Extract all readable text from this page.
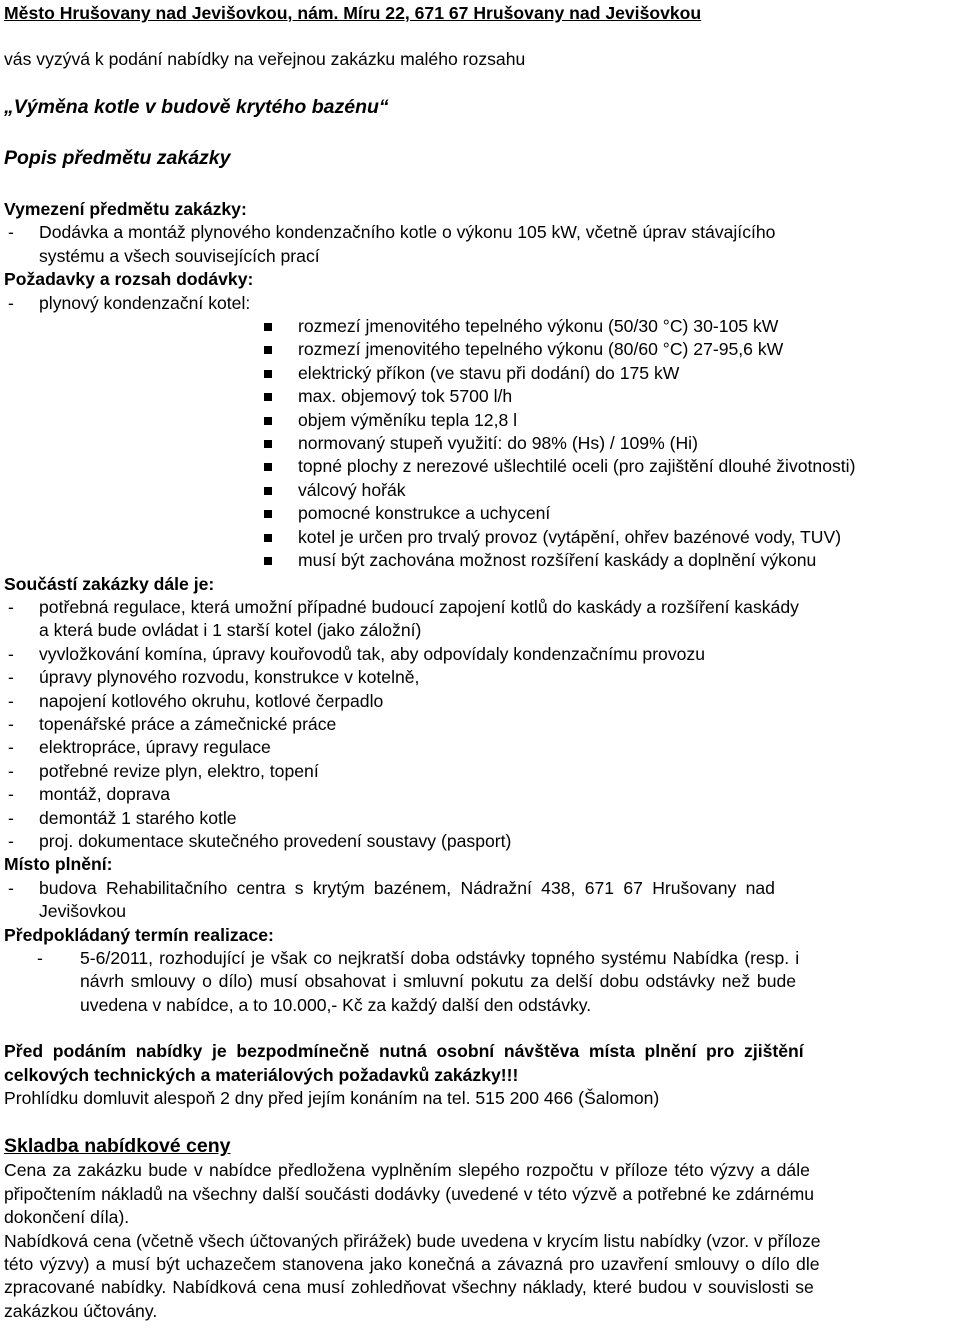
Město Hrušovany nad Jevišovkou, nám. Míru 22, 671 67 Hrušovany nad Jevišovkou
vás vyzývá k podání nabídky na veřejnou zakázku malého rozsahu
„Výměna kotle v budově krytého bazénu“
Popis předmětu zakázky
Vymezení předmětu zakázky:
-	Dodávka a montáž plynového kondenzačního kotle o výkonu 105 kW, včetně úprav stávajícího
systému a všech souvisejících prací
Požadavky a rozsah dodávky:
-	plynový kondenzační kotel:
rozmezí jmenovitého tepelného výkonu (50/30 °C) 30-105 kW
rozmezí jmenovitého tepelného výkonu (80/60 °C) 27-95,6 kW
elektrický příkon (ve stavu při dodání) do 175 kW
max. objemový tok 5700 l/h
objem výměníku tepla 12,8 l
normovaný stupeň využití: do 98% (Hs) / 109% (Hi)
topné plochy z nerezové ušlechtilé oceli (pro zajištění dlouhé životnosti)
válcový hořák
pomocné konstrukce a uchycení
kotel je určen pro trvalý provoz (vytápění, ohřev bazénové vody, TUV)
musí být zachována možnost rozšíření kaskády a doplnění výkonu
Součástí zakázky dále je:
-	potřebná regulace, která umožní případné budoucí zapojení kotlů do kaskády a rozšíření kaskády
a která bude ovládat i 1 starší kotel (jako záložní)
-	vyvložkování komína, úpravy kouřovodů tak, aby odpovídaly kondenzačnímu provozu
-	úpravy plynového rozvodu, konstrukce v kotelně,
-	napojení kotlového okruhu, kotlové čerpadlo
-	topenářské práce a zámečnické práce
-	elektropráce, úpravy regulace
-	potřebné revize plyn, elektro, topení
-	montáž, doprava
-	demontáž 1 starého kotle
-	proj. dokumentace skutečného provedení soustavy (pasport)
Místo plnění:
-	budova Rehabilitačního centra s krytým bazénem, Nádražní 438, 671 67 Hrušovany nad
Jevišovkou
Předpokládaný termín realizace:
-	5-6/2011, rozhodující je však co nejkratší doba odstávky topného systému Nabídka (resp. i
návrh smlouvy o dílo) musí obsahovat i smluvní pokutu za delší dobu odstávky než bude
uvedena v nabídce, a to 10.000,- Kč za každý další den odstávky.
Před podáním nabídky je bezpodmínečně nutná osobní návštěva místa plnění pro zjištění
celkových technických a materiálových požadavků zakázky!!!
Prohlídku domluvit alespoň 2 dny před jejím konáním na tel. 515 200 466 (Šalomon)
Skladba nabídkové ceny
Cena za zakázku bude v nabídce předložena vyplněním slepého rozpočtu v příloze této výzvy a dále
připočtením nákladů na všechny další součásti dodávky (uvedené v této výzvě a potřebné ke zdárnému
dokončení díla).
Nabídková cena (včetně všech účtovaných přirážek) bude uvedena v krycím listu nabídky (vzor. v příloze
této výzvy) a musí být uchazečem stanovena jako konečná a závazná pro uzavření smlouvy o dílo dle
zpracované nabídky. Nabídková cena musí zohledňovat všechny náklady, které budou v souvislosti se
zakázkou účtovány.
